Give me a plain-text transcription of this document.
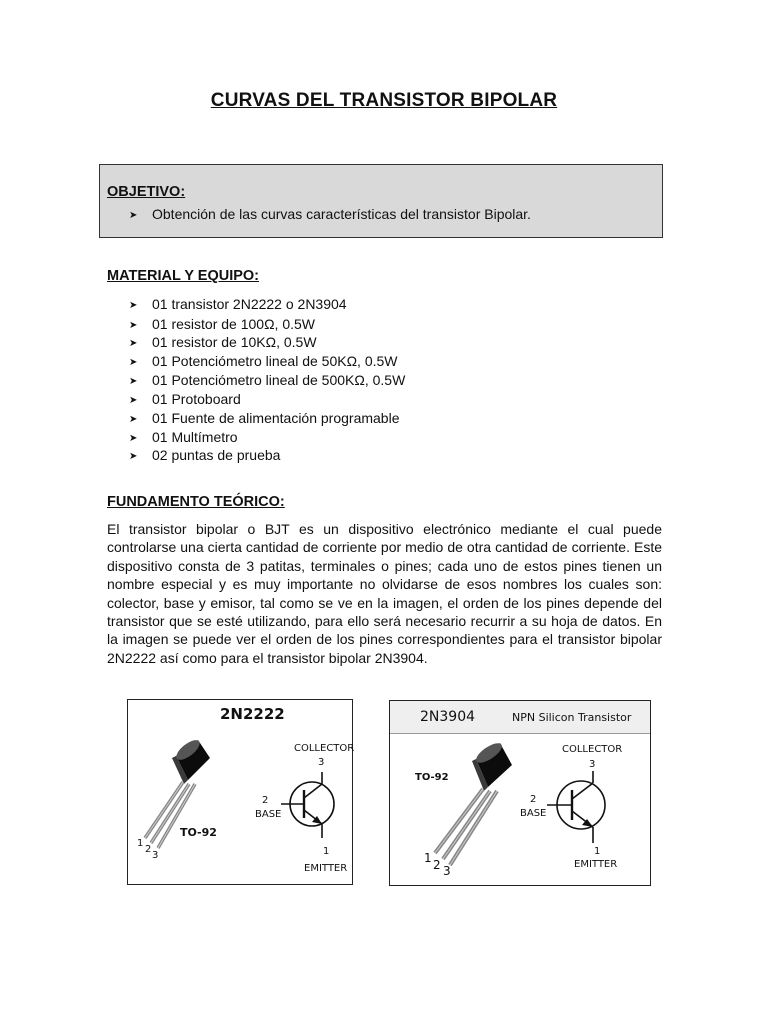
CURVAS DEL TRANSISTOR BIPOLAR
OBJETIVO:
➤ Obtención de las curvas características del transistor Bipolar.
MATERIAL Y EQUIPO:
➤ 01 transistor 2N2222 o 2N3904
➤ 01 resistor de 100Ω, 0.5W
➤ 01 resistor de 10KΩ, 0.5W
➤ 01 Potenciómetro lineal de 50KΩ, 0.5W
➤ 01 Potenciómetro lineal de 500KΩ, 0.5W
➤ 01 Protoboard
➤ 01 Fuente de alimentación programable
➤ 01 Multímetro
➤ 02 puntas de prueba
FUNDAMENTO TEÓRICO:
El transistor bipolar o BJT es un dispositivo electrónico mediante el cual puede controlarse una cierta cantidad de corriente por medio de otra cantidad de corriente. Este dispositivo consta de 3 patitas, terminales o pines; cada uno de estos pines tienen un nombre especial y es muy importante no olvidarse de esos nombres los cuales son: colector, base y emisor, tal como se ve en la imagen, el orden de los pines depende del transistor que se esté utilizando, para ello será necesario recurrir a su hoja de datos. En la imagen se puede ver el orden de los pines correspondientes para el transistor bipolar 2N2222 así como para el transistor bipolar 2N3904.
2N2222
COLLECTOR
3
2
BASE
1
EMITTER
TO-92
1
2
3
2N3904	NPN Silicon Transistor
TO-92
COLLECTOR
3
2
BASE
1
EMITTER
1 2 3
